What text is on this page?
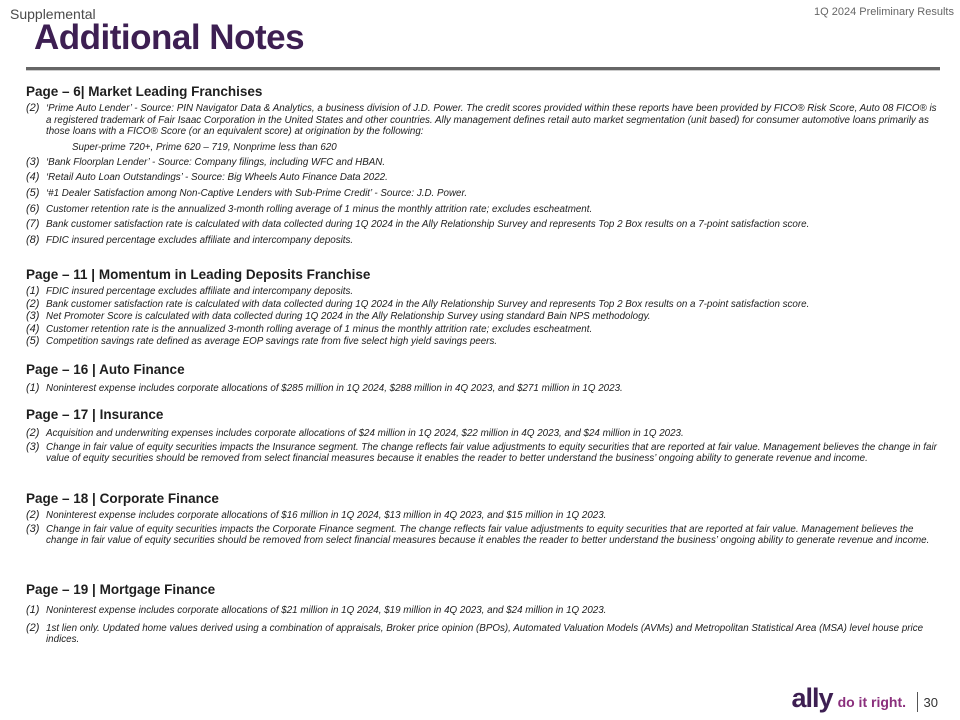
Supplemental	1Q 2024 Preliminary Results
Additional Notes
Page – 6| Market Leading Franchises
(2) ‘Prime Auto Lender’ - Source: PIN Navigator Data & Analytics, a business division of J.D. Power. The credit scores provided within these reports have been provided by FICO® Risk Score, Auto 08 FICO® is a registered trademark of Fair Isaac Corporation in the United States and other countries. Ally management defines retail auto market segmentation (unit based) for consumer automotive loans primarily as those loans with a FICO® Score (or an equivalent score) at origination by the following:
Super-prime 720+, Prime 620 – 719, Nonprime less than 620
(3) ‘Bank Floorplan Lender’ - Source: Company filings, including WFC and HBAN.
(4) ‘Retail Auto Loan Outstandings’ - Source: Big Wheels Auto Finance Data 2022.
(5) ‘#1 Dealer Satisfaction among Non-Captive Lenders with Sub-Prime Credit’ - Source: J.D. Power.
(6) Customer retention rate is the annualized 3-month rolling average of 1 minus the monthly attrition rate; excludes escheatment.
(7) Bank customer satisfaction rate is calculated with data collected during 1Q 2024 in the Ally Relationship Survey and represents Top 2 Box results on a 7-point satisfaction score.
(8) FDIC insured percentage excludes affiliate and intercompany deposits.
Page – 11 | Momentum in Leading Deposits Franchise
(1) FDIC insured percentage excludes affiliate and intercompany deposits.
(2) Bank customer satisfaction rate is calculated with data collected during 1Q 2024 in the Ally Relationship Survey and represents Top 2 Box results on a 7-point satisfaction score.
(3) Net Promoter Score is calculated with data collected during 1Q 2024 in the Ally Relationship Survey using standard Bain NPS methodology.
(4) Customer retention rate is the annualized 3-month rolling average of 1 minus the monthly attrition rate; excludes escheatment.
(5) Competition savings rate defined as average EOP savings rate from five select high yield savings peers.
Page – 16 | Auto Finance
(1) Noninterest expense includes corporate allocations of $285 million in 1Q 2024, $288 million in 4Q 2023, and $271 million in 1Q 2023.
Page – 17 | Insurance
(2) Acquisition and underwriting expenses includes corporate allocations of $24 million in 1Q 2024, $22 million in 4Q 2023, and $24 million in 1Q 2023.
(3) Change in fair value of equity securities impacts the Insurance segment. The change reflects fair value adjustments to equity securities that are reported at fair value. Management believes the change in fair value of equity securities should be removed from select financial measures because it enables the reader to better understand the business’ ongoing ability to generate revenue and income.
Page – 18 | Corporate Finance
(2) Noninterest expense includes corporate allocations of $16 million in 1Q 2024, $13 million in 4Q 2023, and $15 million in 1Q 2023.
(3) Change in fair value of equity securities impacts the Corporate Finance segment. The change reflects fair value adjustments to equity securities that are reported at fair value. Management believes the change in fair value of equity securities should be removed from select financial measures because it enables the reader to better understand the business’ ongoing ability to generate revenue and income.
Page – 19 | Mortgage Finance
(1) Noninterest expense includes corporate allocations of $21 million in 1Q 2024, $19 million in 4Q 2023, and $24 million in 1Q 2023.
(2) 1st lien only. Updated home values derived using a combination of appraisals, Broker price opinion (BPOs), Automated Valuation Models (AVMs) and Metropolitan Statistical Area (MSA) level house price indices.
ally do it right. 30
